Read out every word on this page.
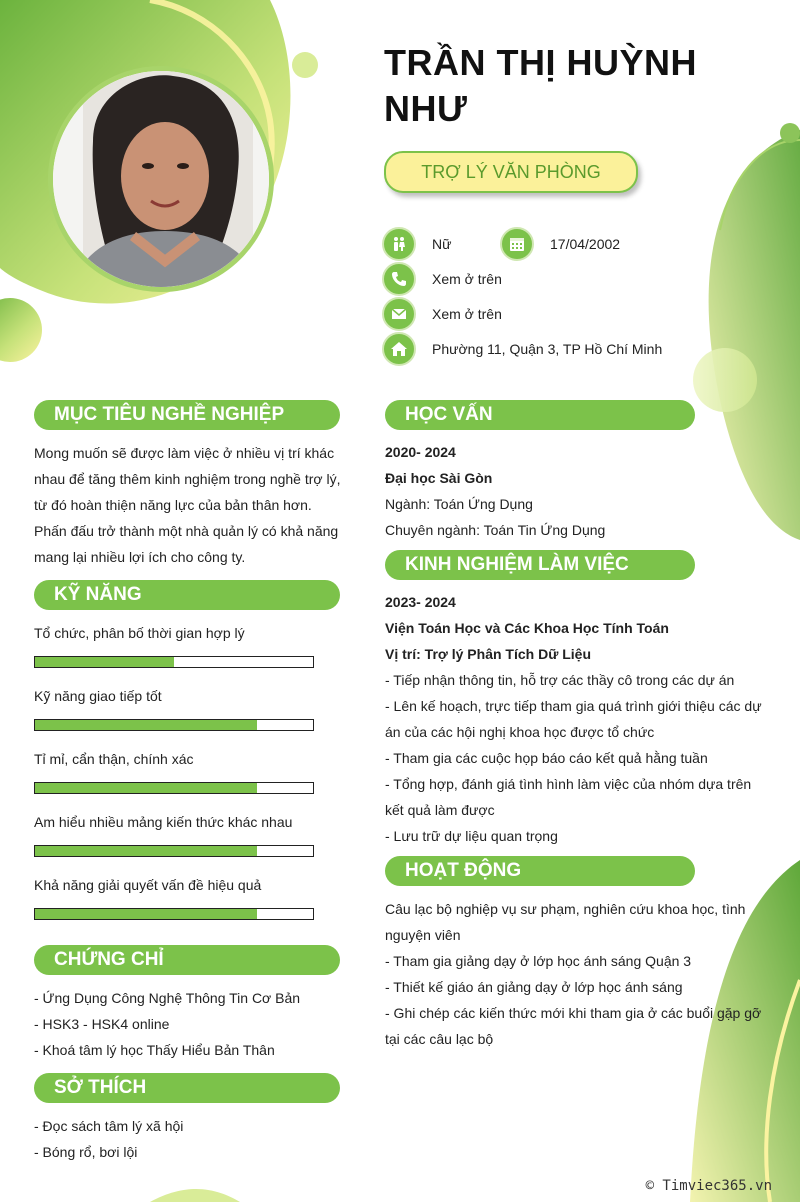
TRẦN THỊ HUỲNH NHƯ
TRỢ LÝ VĂN PHÒNG
Nữ	17/04/2002
Xem ở trên
Xem ở trên
Phường 11, Quận 3, TP Hồ Chí Minh
MỤC TIÊU NGHỀ NGHIỆP
Mong muốn sẽ được làm việc ở nhiều vị trí khác
nhau để tăng thêm kinh nghiệm trong nghề trợ lý,
từ đó hoàn thiện năng lực của bản thân hơn.
Phấn đấu trở thành một nhà quản lý có khả năng
mang lại nhiều lợi ích cho công ty.
KỸ NĂNG
Tổ chức, phân bố thời gian hợp lý
Kỹ năng giao tiếp tốt
Tỉ mỉ, cẩn thận, chính xác
Am hiểu nhiều mảng kiến thức khác nhau
Khả năng giải quyết vấn đề hiệu quả
CHỨNG CHỈ
- Ứng Dụng Công Nghệ Thông Tin Cơ Bản
- HSK3 - HSK4 online
- Khoá tâm lý học Thấy Hiểu Bản Thân
SỞ THÍCH
- Đọc sách tâm lý xã hội
- Bóng rổ, bơi lội
HỌC VẤN
2020- 2024
Đại học Sài Gòn
Ngành: Toán Ứng Dụng
Chuyên ngành: Toán Tin Ứng Dụng
KINH NGHIỆM LÀM VIỆC
2023- 2024
Viện Toán Học và Các Khoa Học Tính Toán
Vị trí: Trợ lý Phân Tích Dữ Liệu
- Tiếp nhận thông tin, hỗ trợ các thầy cô trong các dự án
- Lên kế hoạch, trực tiếp tham gia quá trình giới thiệu các dự
án của các hội nghị khoa học được tổ chức
- Tham gia các cuộc họp báo cáo kết quả hằng tuần
- Tổng hợp, đánh giá tình hình làm việc của nhóm dựa trên
kết quả làm được
- Lưu trữ dự liệu quan trọng
HOẠT ĐỘNG
Câu lạc bộ nghiệp vụ sư phạm, nghiên cứu khoa học, tình
nguyện viên
- Tham gia giảng dạy ở lớp học ánh sáng Quận 3
- Thiết kế giáo án giảng dạy ở lớp học ánh sáng
- Ghi chép các kiến thức mới khi tham gia ở các buổi gặp gỡ
tại các câu lạc bộ
© Timviec365.vn
